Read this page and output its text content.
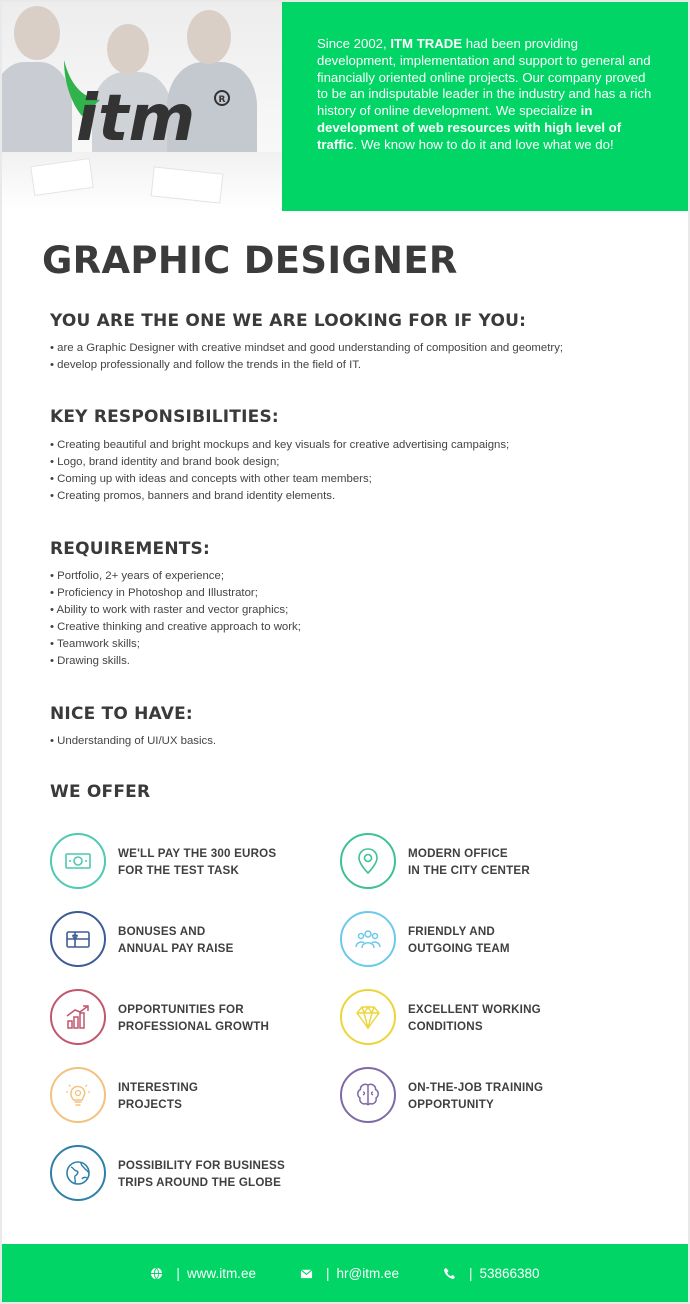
itm	R

Since 2002, ITM TRADE had been providing development, implementation and support to general and financially oriented online projects. Our company proved to be an indisputable leader in the industry and has a rich history of online development. We specialize in development of web resources with high level of traffic. We know how to do it and love what we do!

GRAPHIC DESIGNER
YOU ARE THE ONE WE ARE LOOKING FOR IF YOU:
• are a Graphic Designer with creative mindset and good understanding of composition and geometry;
• develop professionally and follow the trends in the field of IT.
KEY RESPONSIBILITIES:
• Creating beautiful and bright mockups and key visuals for creative advertising campaigns;
• Logo, brand identity and brand book design;
• Coming up with ideas and concepts with other team members;
• Creating promos, banners and brand identity elements.
REQUIREMENTS:
• Portfolio, 2+ years of experience;
• Proficiency in Photoshop and Illustrator;
• Ability to work with raster and vector graphics;
• Creative thinking and creative approach to work;
• Teamwork skills;
• Drawing skills.
NICE TO HAVE:
• Understanding of UI/UX basics.
WE OFFER
WE'LL PAY THE 300 EUROS
FOR THE TEST TASK
MODERN OFFICE
IN THE CITY CENTER
BONUSES AND
ANNUAL PAY RAISE
FRIENDLY AND
OUTGOING TEAM
OPPORTUNITIES FOR
PROFESSIONAL GROWTH
EXCELLENT WORKING
CONDITIONS
INTERESTING
PROJECTS
ON-THE-JOB TRAINING
OPPORTUNITY
POSSIBILITY FOR BUSINESS
TRIPS AROUND THE GLOBE
| www.itm.ee	| hr@itm.ee	| 53866380
